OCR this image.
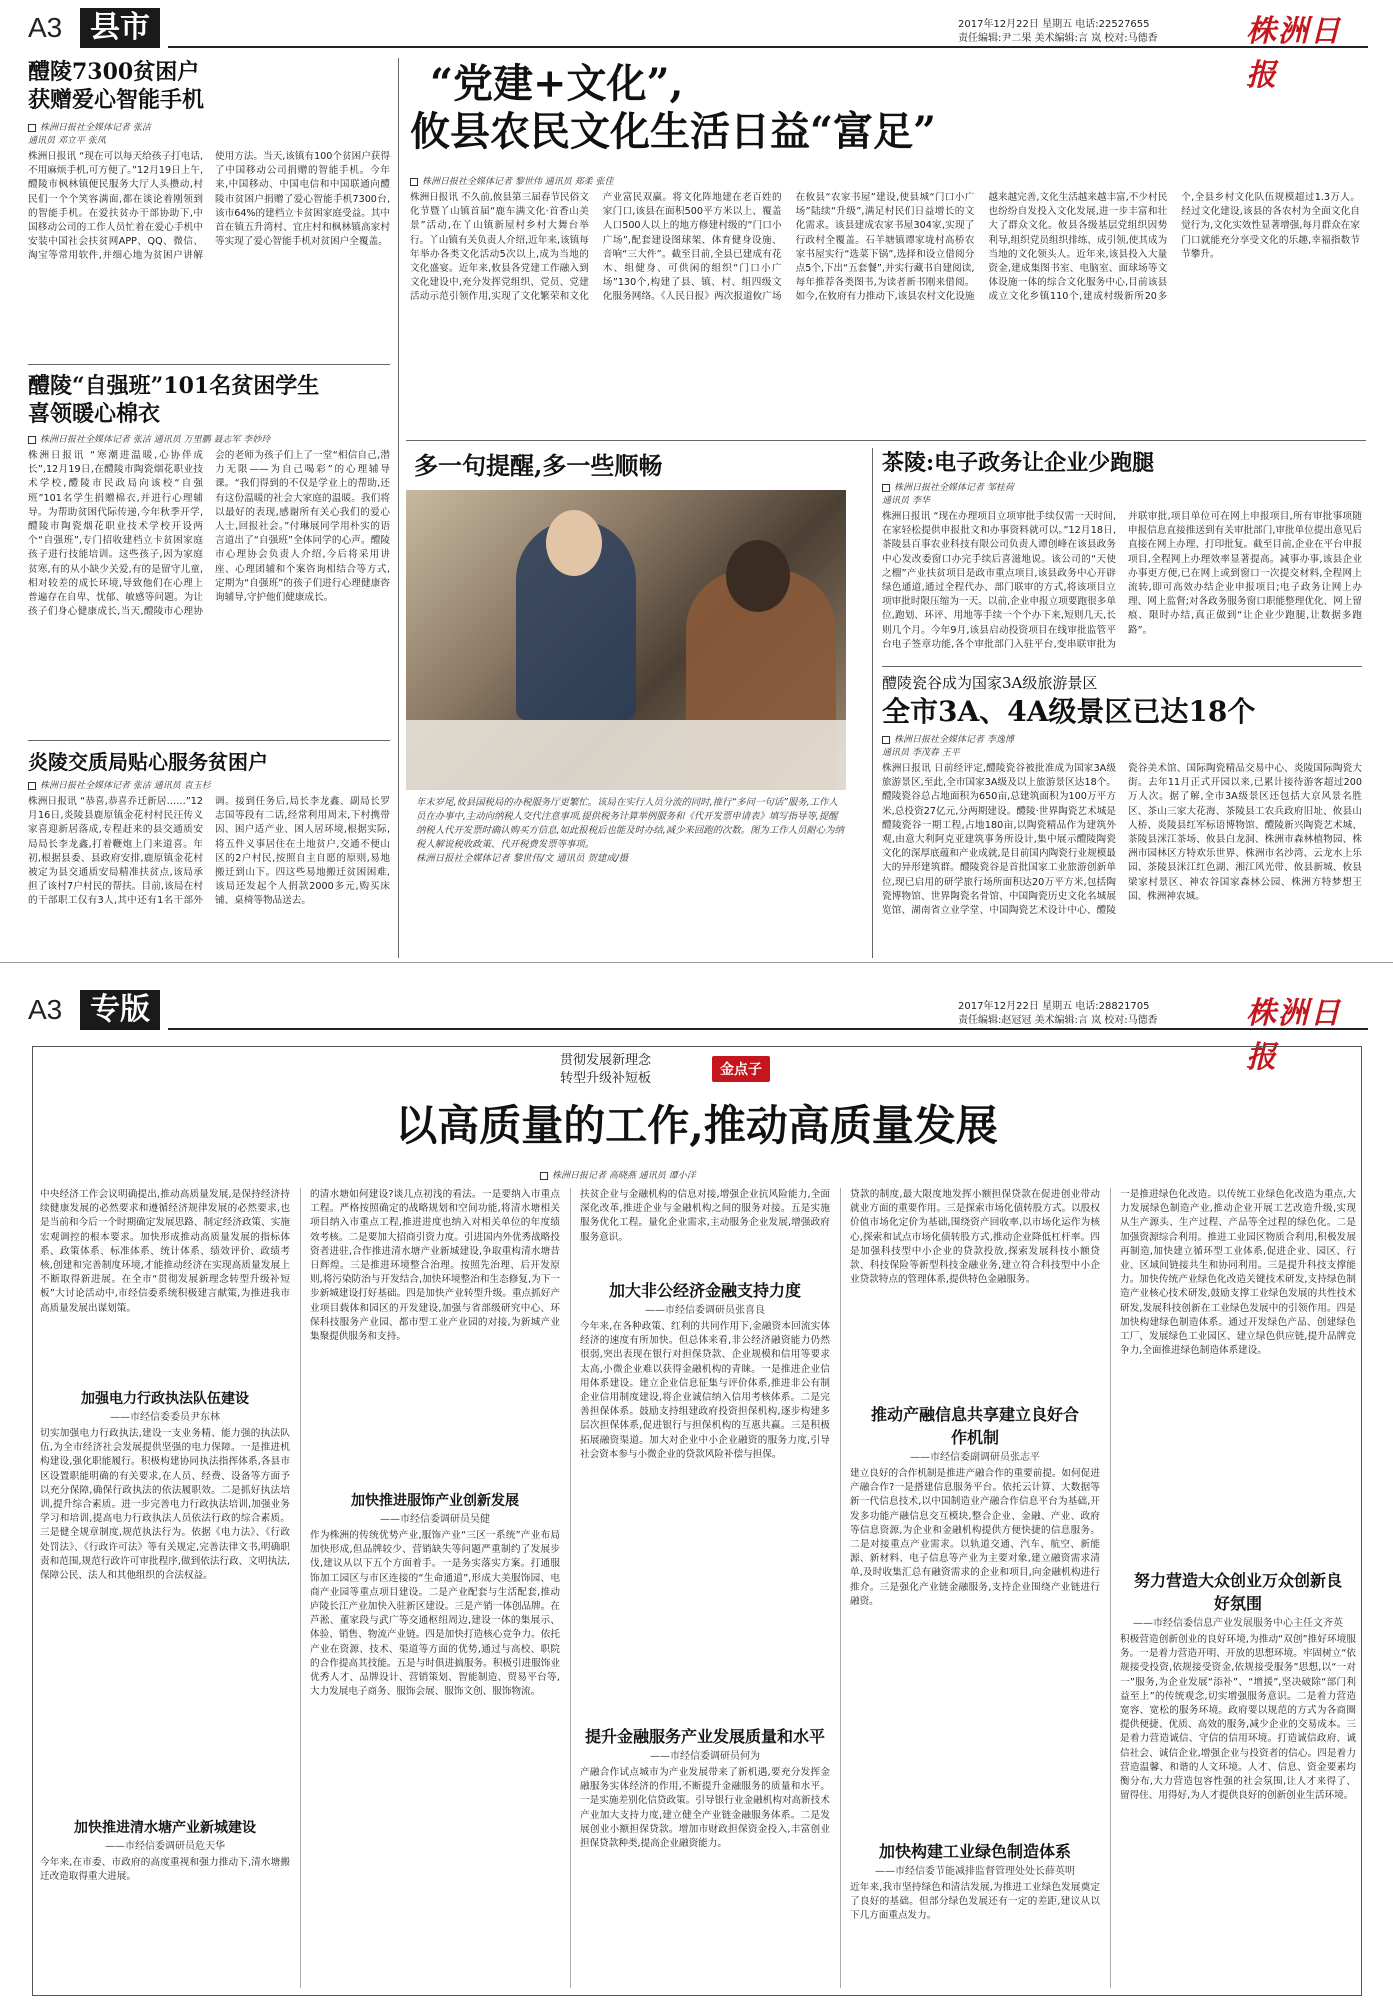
A3 县市	2017年12月22日 星期五 电话:22527655
责任编辑:尹二果 美术编辑:言 岚 校对:马德香	株洲日报
醴陵7300贫困户
获赠爱心智能手机
株洲日报社全媒体记者 张洁 通讯员 邓立平 张凤
株洲日报讯 “现在可以每天给孩子打电话,不用麻烦手机,可方便了。”12月19日上午,醴陵市枫林镇便民服务大厅人头攒动,村民们一个个笑容满面,都在谈论着刚领到的智能手机。在爱扶贫办干部协助下,中国移动公司的工作人员忙着在爱心手机中安装中国社会扶贫网APP、QQ、微信、淘宝等常用软件,并细心地为贫困户讲解使用方法。当天,该镇有100个贫困户获得了中国移动公司捐赠的智能手机。今年来,中国移动、中国电信和中国联通向醴陵市贫困户捐赠了爱心智能手机7300台,该市64%的建档立卡贫困家庭受益。其中首在镇五升湾村、宜庄村和枫林镇高家村等实现了爱心智能手机对贫困户全覆盖。
醴陵“自强班”101名贫困学生
喜领暖心棉衣
株洲日报社全媒体记者 张洁 通讯员 万里鹏 聂志军 李妙玲
株洲日报讯 “寒潮进温暖,心协伴成长”,12月19日,在醴陵市陶瓷烟花职业技术学校,醴陵市民政局向该校“自强班”101名学生捐赠棉衣,并进行心理辅导。为帮助贫困代际传递,今年秋季开学,醴陵市陶瓷烟花职业技术学校开设两个“自强班”,专门招收建档立卡贫困家庭孩子进行技能培训。这些孩子,因为家庭贫寒,有的从小缺少关爱,有的是留守儿童,相对较差的成长环境,导致他们在心理上普遍存在自卑、忧郁、敏感等问题。为让孩子们身心健康成长,当天,醴陵市心理协会的老师为孩子们上了一堂“相信自己,潜力无限——为自己喝彩”的心理辅导课。“我们得到的不仅是学业上的帮助,还有这份温暖的社会大家庭的温暖。我们将以最好的表现,感谢所有关心我们的爱心人士,回报社会。”付琳展同学用朴实的语言道出了“自强班”全体同学的心声。醴陵市心理协会负责人介绍,今后将采用讲座、心理团辅和个案咨询相结合等方式,定期为“自强班”的孩子们进行心理健康咨询辅导,守护他们健康成长。
炎陵交质局贴心服务贫困户
株洲日报社全媒体记者 张洁 通讯员 袁玉杉
株洲日报讯 “恭喜,恭喜乔迁新居……”12月16日,炎陵县鹿原镇金花村村民汪传义家喜迎新居落成,专程赶来的县交通质安局局长李龙鑫,打着鞭炮上门来道喜。年初,根据县委、县政府安排,鹿原镇金花村被定为县交通质安局精准扶贫点,该局承担了该村7户村民的帮扶。目前,该局在村的干部职工仅有3人,其中还有1名干部外调。接到任务后,局长李龙鑫、副局长罗志国等段有二话,经常利用周末,下村携带因、困户适产业、困人居环境,根据实际,将五件义事居住在土地贫户,交通不便山区的2户村民,按照自主自愿的原则,易地搬迁到山下。四这些易地搬迁贫困困难,该局还发起个人捐款2000多元,购买床铺、桌椅等物品送去。
“党建+文化”,
攸县农民文化生活日益“富足”
株洲日报社全媒体记者 黎世伟 通讯员 郑柔 张佳
株洲日报讯 不久前,攸县第三届春节民俗文化节暨丫山镇首届“鹿车满文化·首香山美景”活动,在丫山镇新屋村乡村大舞台举行。丫山镇有关负责人介绍,近年来,该镇每年举办各类文化活动5次以上,成为当地的文化盛宴。近年来,攸县各党建工作融入到文化建设中,充分发挥党组织、党员、党建活动示范引领作用,实现了文化繁荣和文化产业富民双赢。将文化阵地建在老百姓的家门口,该县在面积500平方米以上、覆盖人口500人以上的地方修建村级的“门口小广场”,配套建设图球架、体育健身设施、音响“三大件”。截至目前,全县已建成有花木、组健身、可供闲的组织“门口小广场”130个,构建了县、镇、村、组四级文化服务网络。《人民日报》两次报道攸广场在攸县“农家书屋”建设,使县城“门口小广场”陆续“升级”,满足村民们日益增长的文化需求。该县建成农家书屋304家,实现了行政村全覆盖。石羊塘镇谭家垅村高桥农家书屋实行“选菜下锅”,选择和设立借阅分点5个,下出“五套餐”,并实行藏书自建阅读,每年推荐各类图书,为读者新书刚来借阅。如今,在攸府有力推动下,该县农村文化设施越来越完善,文化生活越来越丰富,不少村民也纷纷自发投入文化发展,进一步丰富和壮大了群众文化。攸县各级基层党组织因势利导,组织党员组织排练、成引领,使其成为当地的文化领头人。近年来,该县投入大量资金,建成集图书室、电脑室、面球场等文体设施一体的综合文化服务中心,目前该县成立文化乡镇110个,建成村级新所20多个,全县乡村文化队伍规模超过1.3万人。经过文化建设,该县的各农村为全面文化自觉行为,文化实效性显著增强,每月群众在家门口就能充分享受文化的乐趣,幸福指数节节攀升。
多一句提醒,多一些顺畅
年末岁尾,攸县国税局的办税服务厅更繁忙。该局在实行人员分流的同时,推行“多问一句话”服务,工作人员在办事中,主动向纳税人交代注意事项,提供税务计算举例服务和《代开发票申请表》填写指导等,提醒纳税人代开发票时确认购买方信息,如此报税后也能及时办结,减少来回跑的次数。图为工作人员耐心为纳税人解说税收政策、代开税费发票等事项。
株洲日报社全媒体记者 黎世伟/文 通讯员 贺建成/摄
茶陵:电子政务让企业少跑腿
株洲日报社全媒体记者 邹桂荷 通讯员 李华
株洲日报讯 “现在办理项目立项审批手续仅需一天时间,在家轻松提供申报批文和办事资料就可以。”12月18日,茶陵县百事农业科技有限公司负责人谭创峰在该县政务中心发改委窗口办完手续后喜滋地说。该公司的“天使之榴”产业扶贫项目是政市重点项目,该县政务中心开辟绿色通道,通过全程代办、部门联审的方式,将该项目立项审批时限压缩为一天。以前,企业申报立项要跑很多单位,跑划、环评、用地等手续一个个办下来,短则几天,长则几个月。今年9月,该县启动投资项目在线审批监管平台电子签章功能,各个审批部门入驻平台,变串联审批为并联审批,项目单位可在网上申报项目,所有审批事项随申报信息直接推送到有关审批部门,审批单位提出意见后直接在网上办理、打印批复。截至目前,企业在平台申报项目,全程网上办理效率显著提高。减事办事,该县企业办事更方便,已在网上或到窗口一次提交材料,全程网上流转,即可高效办结企业申报项目;电子政务让网上办理、网上监督;对各政务服务窗口职能整理优化、网上留痕、限时办结,真正做到“让企业少跑腿,让数据多跑路”。
醴陵瓷谷成为国家3A级旅游景区
全市3A、4A级景区已达18个
株洲日报社全媒体记者 李逸博 通讯员 李茂春 王平
株洲日报讯 日前经评定,醴陵瓷谷被批准成为国家3A级旅游景区,至此,全市国家3A级及以上旅游景区达18个。醴陵瓷谷总占地面积为650亩,总建筑面积为100万平方米,总投资27亿元,分两期建设。醴陵·世界陶瓷艺术城是醴陵瓷谷一期工程,占地180亩,以陶瓷精品作为建筑外观,由意大利阿克亚建筑事务所设计,集中展示醴陵陶瓷文化的深厚底蕴和产业成就,是目前国内陶瓷行业规模最大的异形建筑群。醴陵瓷谷是首批国家工业旅游创新单位,现已启用的研学旅行场所面积达20万平方米,包括陶瓷博物馆、世界陶瓷名骨馆、中国陶瓷历史文化名城展览馆、湖南省立业学堂、中国陶瓷艺术设计中心、醴陵瓷谷美术馆、国际陶瓷精品交易中心、炎陵国际陶瓷大街。去年11月正式开园以来,已累计接待游客超过200万人次。据了解,全市3A级景区还包括大京风景名胜区、茶山三家大花海、茶陵县工农兵政府旧址、攸县山人桥、炎陵县红军标语博物馆、醴陵新兴陶瓷艺术城、茶陵县洣江茶场、攸县白龙洞、株洲市森林植物园、株洲市园林区方特欢乐世界、株洲市名沙湾、云龙水上乐园、茶陵县洣江红色湖、湘江风光带、攸县新城、攸县梁家村景区、神农谷国家森林公园、株洲方特梦想王国、株洲神农城。
A3 专版	2017年12月22日 星期五 电话:28821705
责任编辑:赵冠冠 美术编辑:言 岚 校对:马德香	株洲日报
贯彻发展新理念
转型升级补短板
金点子
以高质量的工作,推动高质量发展
株洲日报记者 高晓燕 通讯员 谭小洋
中央经济工作会议明确提出,推动高质量发展,是保持经济持续健康发展的必然要求和遵循经济规律发展的必然要求,也是当前和今后一个时期确定发展思路、制定经济政策、实施宏观调控的根本要求。加快形成推动高质量发展的指标体系、政策体系、标准体系、统计体系、绩效评价、政绩考核,创建和完善制度环境,才能推动经济在实现高质量发展上不断取得新进展。在全市“贯彻发展新理念转型升级补短板”大讨论活动中,市经信委系统积极建言献策,为推进我市高质量发展出谋划策。
加强电力行政执法队伍建设
——市经信委委员尹东林
切实加强电力行政执法,建设一支业务精、能力强的执法队伍,为全市经济社会发展提供坚强的电力保障。一是推进机构建设,强化职能履行。积极构建协同执法指挥体系,各县市区设置职能明确的有关要求,在人员、经费、设备等方面予以充分保障,确保行政执法的依法履职效。二是抓好执法培训,提升综合素质。进一步完善电力行政执法培训,加强业务学习和培训,提高电力行政执法人员依法行政的综合素质。三是健全规章制度,规范执法行为。依据《电力法》、《行政处罚法》、《行政许可法》等有关规定,完善法律文书,明确职责和范围,规范行政许可审批程序,做到依法行政、文明执法,保障公民、法人和其他组织的合法权益。
加快推进清水塘产业新城建设
——市经信委调研员危天华
今年来,在市委、市政府的高度重视和强力推动下,清水塘搬迁改造取得重大进展。
的清水塘如何建设?谈几点初浅的看法。一是要纳入市重点工程。严格按照确定的战略规划和空间功能,将清水塘相关项目纳入市重点工程,推进进度也纳入对相关单位的年度绩效考核。二是要加大招商引资力度。引进国内外优秀战略投资者进驻,合作推进清水塘产业新城建设,争取重构清水塘昔日辉煌。三是推进环境整合治理。按照先治理、后开发原则,将污染防治与开发结合,加快环境整治和生态修复,为下一步新城建设打好基础。四是加快产业转型升级。重点抓好产业项目载体和园区的开发建设,加强与省部级研究中心、环保科技服务产业园、都市型工业产业园的对接,为新城产业集聚提供服务和支持。
加快推进服饰产业创新发展
——市经信委调研员吴健
作为株洲的传统优势产业,服饰产业“三区一系统”产业布局加快形成,但品牌较少、营销缺失等问题严重制约了发展步伐,建议从以下五个方面着手。一是务实落实方案。打通服饰加工园区与市区连接的“生命通道”,形成大美服饰园、电商产业园等重点项目建设。二是产业配套与生活配套,推动庐陵长江产业加快入驻新区建设。三是产销一体创品牌。在芦淞、董家段与武广等交通枢纽周边,建设一体的集展示、体验、销售、物流产业链。四是加快打造核心竞争力。依托产业在资源、技术、渠道等方面的优势,通过与高校、职院的合作提高其技能。五是与时俱进搞服务。积极引进服饰业优秀人才、品牌设计、营销策划、智能制造、贸易平台等,大力发展电子商务、服饰会展、服饰文创、服饰物流。
扶贫企业与金融机构的信息对接,增强企业抗风险能力,全面深化改革,推进企业与金融机构之间的服务对接。五是实施服务优化工程。量化企业需求,主动服务企业发展,增强政府服务意识。
加大非公经济金融支持力度
——市经信委调研员张喜良
今年来,在各种政策、红利的共同作用下,金融资本回流实体经济的速度有所加快。但总体来看,非公经济融资能力仍然很弱,突出表现在银行对担保贷款、企业规模和信用等要求太高,小微企业难以获得金融机构的青睐。一是推进企业信用体系建设。建立企业信息征集与评价体系,推进非公有制企业信用制度建设,将企业诚信纳入信用考核体系。二是完善担保体系。鼓励支持组建政府投资担保机构,逐步构建多层次担保体系,促进银行与担保机构的互惠共赢。三是积极拓展融资渠道。加大对企业中小企业融资的服务力度,引导社会资本参与小微企业的贷款风险补偿与担保。
提升金融服务产业发展质量和水平
——市经信委调研员何为
产融合作试点城市为产业发展带来了新机遇,要充分发挥金融服务实体经济的作用,不断提升金融服务的质量和水平。一是实施差别化信贷政策。引导银行业金融机构对高新技术产业加大支持力度,建立健全产业链金融服务体系。二是发展创业小额担保贷款。增加市财政担保资金投入,丰富创业担保贷款种类,提高企业融资能力。
贷款的制度,最大限度地发挥小额担保贷款在促进创业带动就业方面的重要作用。三是探索市场化债转股方式。以股权价值市场化定价为基础,围绕资产回收率,以市场化运作为核心,探索和试点市场化债转股方式,推动企业降低杠杆率。四是加强科技型中小企业的贷款投放,探索发展科技小额贷款、科技保险等新型科技金融业务,建立符合科技型中小企业贷款特点的管理体系,提供特色金融服务。
推动产融信息共享建立良好合作机制
——市经信委副调研员张志平
建立良好的合作机制是推进产融合作的重要前提。如何促进产融合作?一是搭建信息服务平台。依托云计算、大数据等新一代信息技术,以中国制造业产融合作信息平台为基础,开发多功能产融信息交互模块,整合企业、金融、产业、政府等信息资源,为企业和金融机构提供方便快捷的信息服务。二是对接重点产业需求。以轨道交通、汽车、航空、新能源、新材料、电子信息等产业为主要对象,建立融资需求清单,及时收集汇总有融资需求的企业和项目,向金融机构进行推介。三是强化产业链金融服务,支持企业围绕产业链进行融资。
加快构建工业绿色制造体系
——市经信委节能减排监督管理处处长薛英明
近年来,我市坚持绿色和清洁发展,为推进工业绿色发展奠定了良好的基础。但部分绿色发展还有一定的差距,建议从以下几方面重点发力。
一是推进绿色化改造。以传统工业绿色化改造为重点,大力发展绿色制造产业,推动企业开展工艺改造升级,实现从生产源头、生产过程、产品等全过程的绿色化。二是加强资源综合利用。推进工业园区物质合利用,积极发展再制造,加快建立循环型工业体系,促进企业、园区、行业、区域间链接共生和协同利用。三是提升科技支撑能力。加快传统产业绿色化改造关键技术研发,支持绿色制造产业核心技术研发,鼓励支撑工业绿色发展的共性技术研发,发展科技创新在工业绿色发展中的引领作用。四是加快构建绿色制造体系。通过开发绿色产品、创建绿色工厂、发展绿色工业园区、建立绿色供应链,提升品牌竞争力,全面推进绿色制造体系建设。
努力营造大众创业万众创新良好氛围
——市经信委信息产业发展服务中心主任文齐英
积极营造创新创业的良好环境,为推动“双创”推好环境服务。一是着力营造开明、开放的思想环境。牢固树立“依规接受投资,依规接受资金,依规接受服务”思想,以“一对一”服务,为企业发展“添补”、“增援”,坚决破除“部门利益至上”的传统观念,切实增强服务意识。二是着力营造宽容、宽松的服务环境。政府要以规范的方式为各商圈提供便捷、优质、高效的服务,减少企业的交易成本。三是着力营造诚信、守信的信用环境。打造诚信政府、诚信社会、诚信企业,增强企业与投资者的信心。四是着力营造温馨、和谐的人文环境。人才、信息、资金要素均衡分布,大力营造包容性强的社会氛围,让人才来得了、留得住、用得好,为人才提供良好的创新创业生活环境。
